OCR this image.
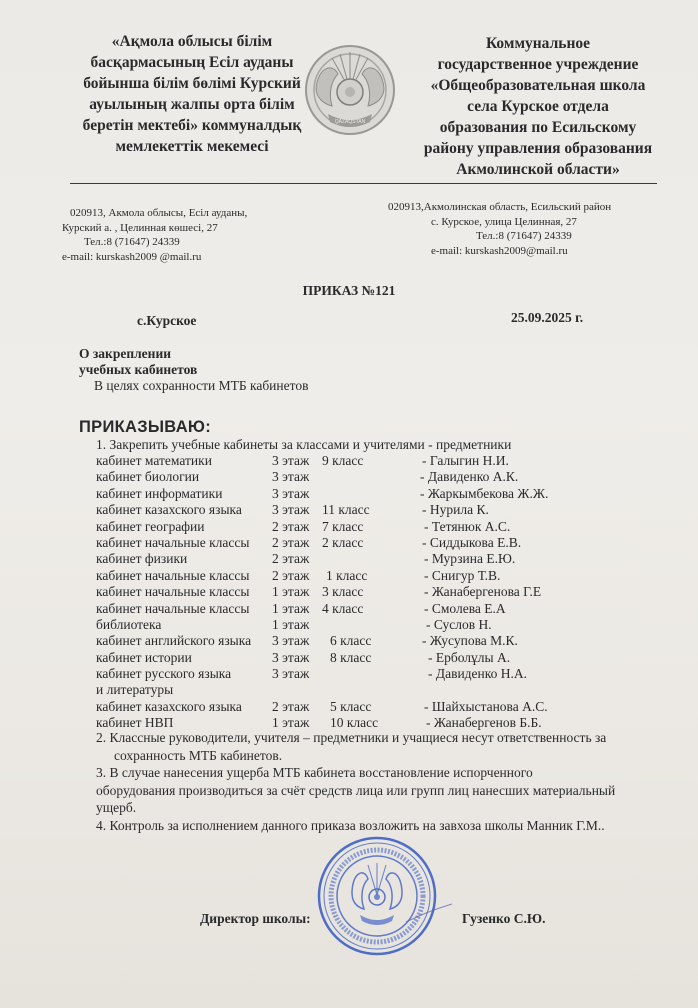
«Ақмола облысы білім
басқармасының Есіл ауданы
бойынша білім бөлімі Курский
ауылының жалпы орта білім
беретін мектебі» коммуналдық
мемлекеттік мекемесі
QAZAQSTAN
Коммунальное
государственное учреждение
«Общеобразовательная школа
села Курское отдела
образования по Есильскому
району управления образования
Акмолинской области»
020913, Акмола облысы, Есіл ауданы,
Курский а. , Целинная көшесі, 27
Тел.:8 (71647) 24339
e-mail: kurskash2009 @mail.ru
020913,Акмолинская область, Есильский район
с. Курское, улица Целинная, 27
Тел.:8 (71647) 24339
e-mail: kurskash2009@mail.ru
ПРИКАЗ №121
с.Курское	25.09.2025 г.
О закреплении
учебных кабинетов
В целях сохранности МТБ кабинетов
ПРИКАЗЫВАЮ:
1. Закрепить учебные кабинеты за классами и учителями - предметники
кабинет математики	3 этаж 9 класс	- Галыгин Н.И.
кабинет биологии	3 этаж	- Давиденко А.К.
кабинет информатики	3 этаж	- Жаркымбекова Ж.Ж.
кабинет казахского языка 3 этаж 11 класс	- Нурила К.
кабинет географии	2 этаж 7 класс	- Тетянюк А.С.
кабинет начальные классы 2 этаж 2 класс	- Сиддыкова Е.В.
кабинет физики	2 этаж	- Мурзина Е.Ю.
кабинет начальные классы 2 этаж 1 класс	- Снигур Т.В.
кабинет начальные классы 1 этаж 3 класс	- Жанабергенова Г.Е
кабинет начальные классы 1 этаж 4 класс	- Смолева Е.А
библиотека	1 этаж	- Суслов Н.
кабинет английского языка 3 этаж 6 класс	- Жусупова М.К.
кабинет истории	3 этаж 8 класс	- Ерболұлы А.
кабинет русского языка	3 этаж	- Давиденко Н.А.
и литературы
кабинет казахского языка 2 этаж 5 класс	- Шайхыстанова А.С.
кабинет НВП	1 этаж 10 класс	- Жанабергенов Б.Б.
2. Классные руководители, учителя – предметники и учащиеся несут ответственность за
сохранность МТБ кабинетов.
3. В случае нанесения ущерба МТБ кабинета восстановление испорченного
оборудования производиться за счёт средств лица или групп лиц нанесших материальный
ущерб.
4. Контроль за исполнением данного приказа возложить на завхоза школы Манник Г.М..
Директор школы:	Гузенко С.Ю.
